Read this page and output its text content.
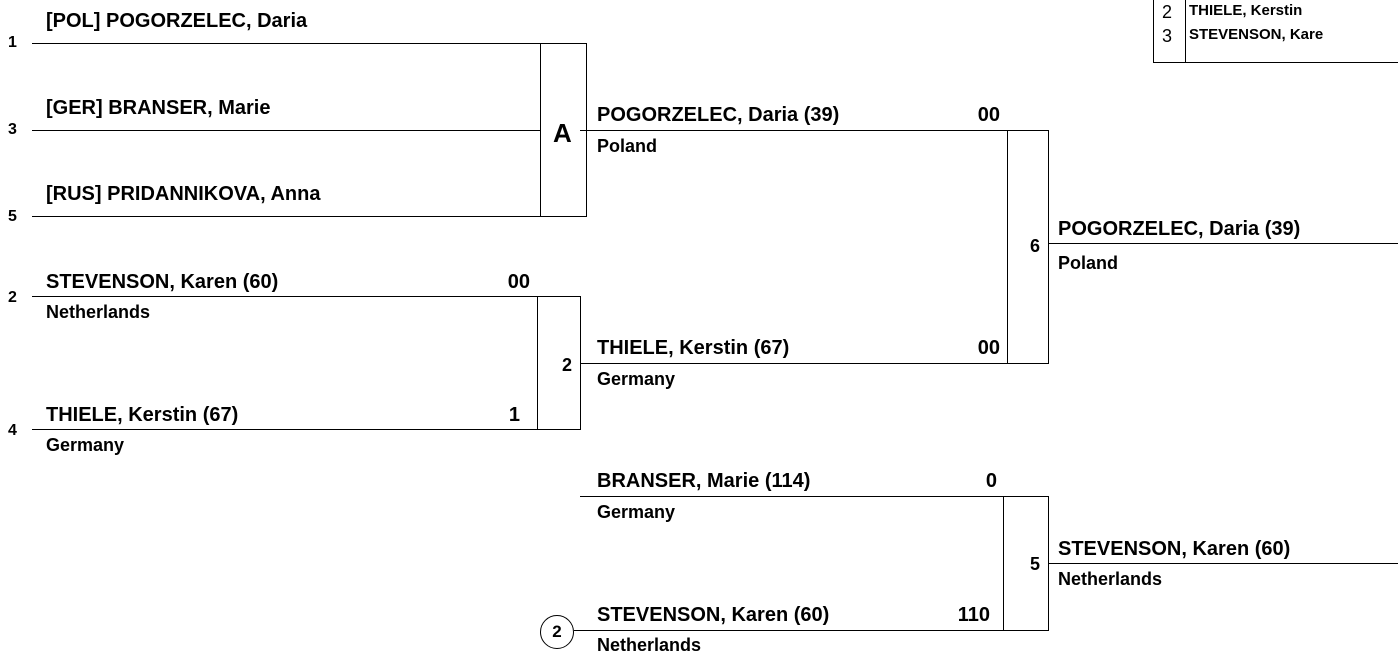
2	THIELE, Kerstin
3	STEVENSON, Kare
1
[POL] POGORZELEC, Daria
3
[GER] BRANSER, Marie
5
[RUS] PRIDANNIKOVA, Anna
A
2
STEVENSON, Karen (60)
Netherlands
00
4
THIELE, Kerstin (67)
Germany
1
2
POGORZELEC, Daria (39)
Poland
00
THIELE, Kerstin (67)
Germany
00
6
POGORZELEC, Daria (39)
Poland
BRANSER, Marie (114)
Germany
0
2
STEVENSON, Karen (60)
Netherlands
110
5
STEVENSON, Karen (60)
Netherlands
